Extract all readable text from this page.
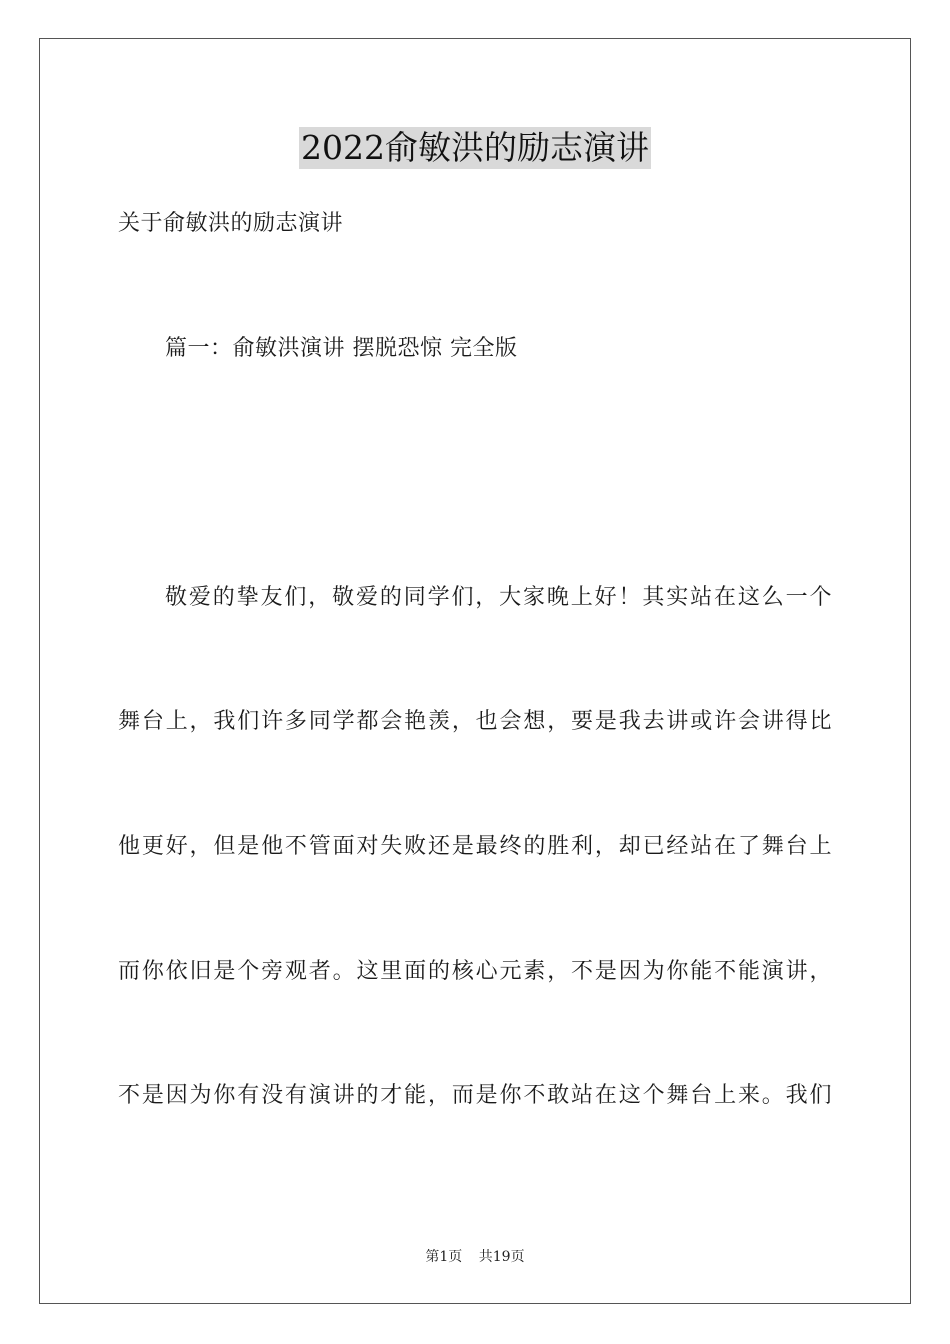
2022俞敏洪的励志演讲
关于俞敏洪的励志演讲
篇一：俞敏洪演讲 摆脱恐惊 完全版
敬爱的挚友们，敬爱的同学们，大家晚上好！其实站在这么一个
舞台上，我们许多同学都会艳羡，也会想，要是我去讲或许会讲得比
他更好，但是他不管面对失败还是最终的胜利，却已经站在了舞台上
而你依旧是个旁观者。这里面的核心元素，不是因为你能不能演讲，
不是因为你有没有演讲的才能，而是你不敢站在这个舞台上来。我们
第1页 共19页
